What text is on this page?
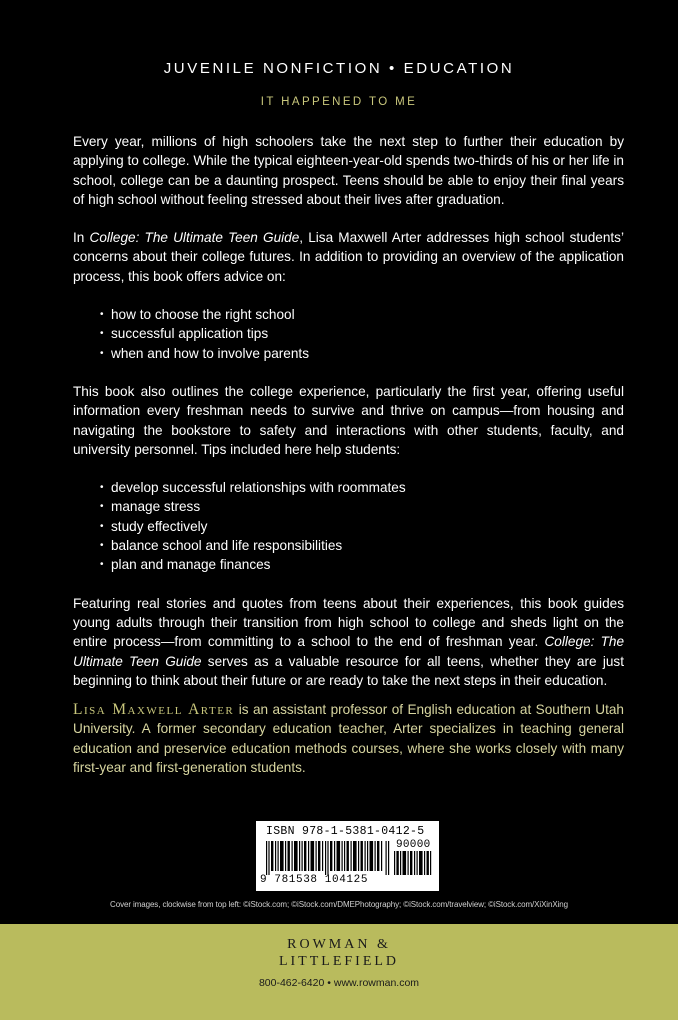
JUVENILE NONFICTION • EDUCATION
IT HAPPENED TO ME

Every year, millions of high schoolers take the next step to further their education by applying to college. While the typical eighteen-year-old spends two-thirds of his or her life in school, college can be a daunting prospect. Teens should be able to enjoy their final years of high school without feeling stressed about their lives after graduation.

In College: The Ultimate Teen Guide, Lisa Maxwell Arter addresses high school students’ concerns about their college futures. In addition to providing an overview of the application process, this book offers advice on:

• how to choose the right school
• successful application tips
• when and how to involve parents

This book also outlines the college experience, particularly the first year, offering useful information every freshman needs to survive and thrive on campus—from housing and navigating the bookstore to safety and interactions with other students, faculty, and university personnel. Tips included here help students:

• develop successful relationships with roommates
• manage stress
• study effectively
• balance school and life responsibilities
• plan and manage finances

Featuring real stories and quotes from teens about their experiences, this book guides young adults through their transition from high school to college and sheds light on the entire process—from committing to a school to the end of freshman year. College: The Ultimate Teen Guide serves as a valuable resource for all teens, whether they are just beginning to think about their future or are ready to take the next steps in their education.

Lisa Maxwell Arter is an assistant professor of English education at Southern Utah University. A former secondary education teacher, Arter specializes in teaching general education and preservice education methods courses, where she works closely with many first-year and first-generation students.

ISBN 978-1-5381-0412-5
90000
9 781538 104125
Cover images, clockwise from top left: ©iStock.com; ©iStock.com/DMEPhotography; ©iStock.com/travelview; ©iStock.com/XiXinXing
ROWMAN &
LITTLEFIELD
800-462-6420 • www.rowman.com
